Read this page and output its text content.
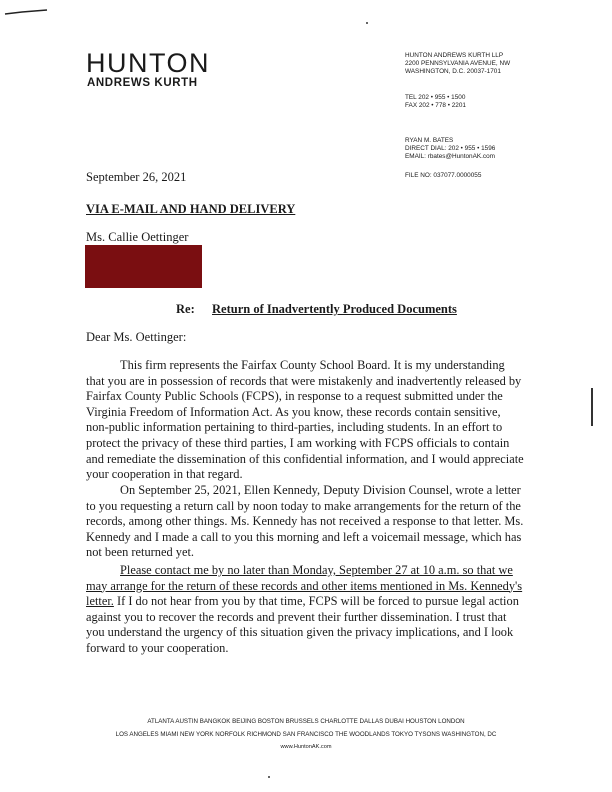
HUNTON
ANDREWS KURTH
HUNTON ANDREWS KURTH LLP
2200 PENNSYLVANIA AVENUE, NW
WASHINGTON, D.C. 20037-1701
TEL 202 • 955 • 1500
FAX 202 • 778 • 2201
RYAN M. BATES
DIRECT DIAL: 202 • 955 • 1596
EMAIL: rbates@HuntonAK.com
FILE NO: 037077.0000055
September 26, 2021
VIA E-MAIL AND HAND DELIVERY
Ms. Callie Oettinger
Re: Return of Inadvertently Produced Documents
Dear Ms. Oettinger:

This firm represents the Fairfax County School Board. It is my understanding that you are in possession of records that were mistakenly and inadvertently released by Fairfax County Public Schools (FCPS), in response to a request submitted under the Virginia Freedom of Information Act. As you know, these records contain sensitive, non-public information pertaining to third-parties, including students. In an effort to protect the privacy of these third parties, I am working with FCPS officials to contain and remediate the dissemination of this confidential information, and I would appreciate your cooperation in that regard.

On September 25, 2021, Ellen Kennedy, Deputy Division Counsel, wrote a letter to you requesting a return call by noon today to make arrangements for the return of the records, among other things. Ms. Kennedy has not received a response to that letter. Ms. Kennedy and I made a call to you this morning and left a voicemail message, which has not been returned yet.

Please contact me by no later than Monday, September 27 at 10 a.m. so that we may arrange for the return of these records and other items mentioned in Ms. Kennedy's letter. If I do not hear from you by that time, FCPS will be forced to pursue legal action against you to recover the records and prevent their further dissemination. I trust that you understand the urgency of this situation given the privacy implications, and I look forward to your cooperation.

ATLANTA AUSTIN BANGKOK BEIJING BOSTON BRUSSELS CHARLOTTE DALLAS DUBAI HOUSTON LONDON
LOS ANGELES MIAMI NEW YORK NORFOLK RICHMOND SAN FRANCISCO THE WOODLANDS TOKYO TYSONS WASHINGTON, DC
www.HuntonAK.com
